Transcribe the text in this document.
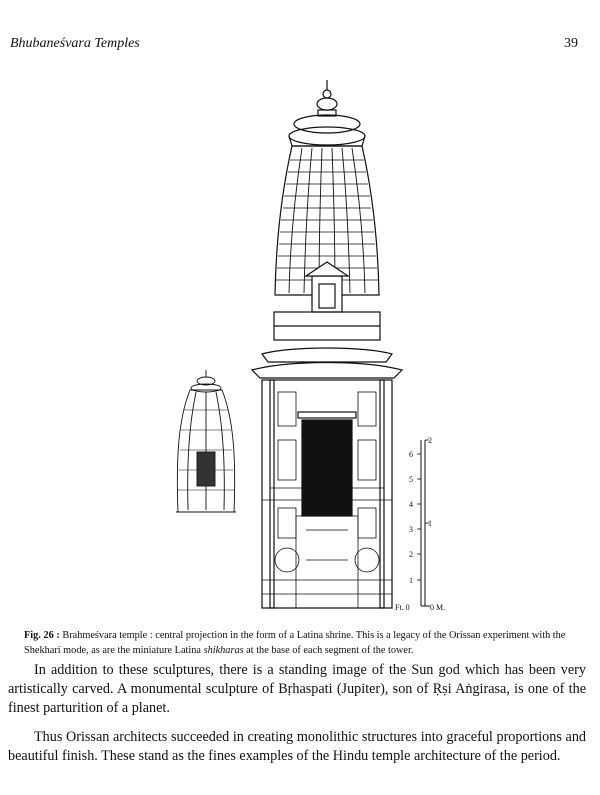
Bhubaneśvara Temples	39
6
5
4
3
2
1
2
1
Ft. 0	0 M.
Fig. 26 : Brahmeśvara temple : central projection in the form of a Latina shrine. This is a legacy of the Orissan experiment with the Shekhari mode, as are the miniature Latina shikharas at the base of each segment of the tower.

In addition to these sculptures, there is a standing image of the Sun god which has been very artistically carved. A monumental sculpture of Bṛhaspati (Jupiter), son of Ṛṣi Aṅgirasa, is one of the finest parturition of a planet.

Thus Orissan architects succeeded in creating monolithic structures into graceful proportions and beautiful finish. These stand as the fines examples of the Hindu temple architecture of the period.
